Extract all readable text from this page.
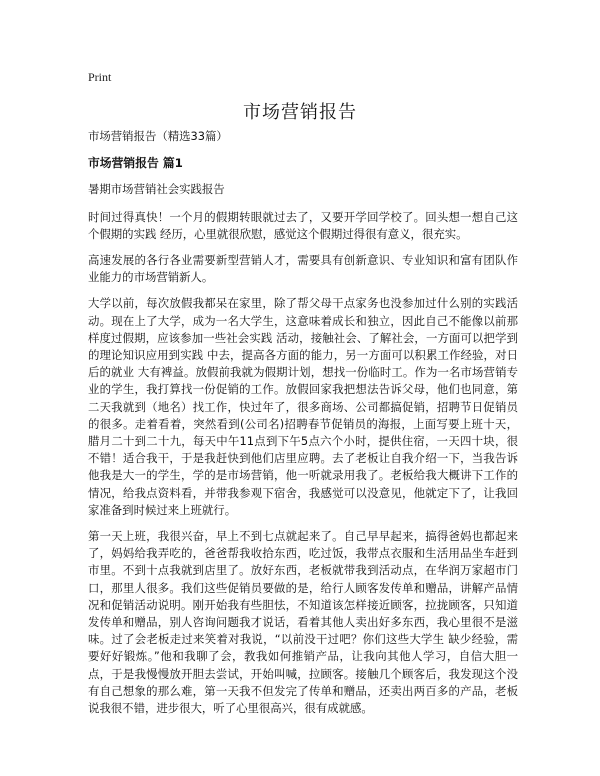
Print
市场营销报告

市场营销报告（精选33篇）

市场营销报告 篇1

暑期市场营销社会实践报告

时间过得真快！一个月的假期转眼就过去了，又要开学回学校了。回头想一想自己这个假期的实践 经历，心里就很欣慰，感觉这个假期过得很有意义，很充实。

高速发展的各行各业需要新型营销人才，需要具有创新意识、专业知识和富有团队作业能力的市场营销新人。

大学以前，每次放假我都呆在家里，除了帮父母干点家务也没参加过什么别的实践活动。现在上了大学，成为一名大学生，这意味着成长和独立，因此自己不能像以前那样度过假期，应该参加一些社会实践 活动，接触社会、了解社会，一方面可以把学到的理论知识应用到实践 中去，提高各方面的能力，另一方面可以积累工作经验，对日后的就业 大有裨益。放假前我就为假期计划，想找一份临时工。作为一名市场营销专业的学生，我打算找一份促销的工作。放假回家我把想法告诉父母，他们也同意，第二天我就到（地名）找工作，快过年了，很多商场、公司都搞促销，招聘节日促销员的很多。走着看着，突然看到(公司名)招聘春节促销员的海报，上面写要上班十天，腊月二十到二十九，每天中午11点到下午5点六个小时，提供住宿，一天四十块，很不错！适合我干，于是我赶快到他们店里应聘。去了老板让自我介绍一下，当我告诉他我是大一的学生，学的是市场营销，他一听就录用我了。老板给我大概讲下工作的情况，给我点资料看，并带我参观下宿舍，我感觉可以没意见，他就定下了，让我回家准备到时候过来上班就行。

第一天上班，我很兴奋，早上不到七点就起来了。自己早早起来，搞得爸妈也都起来了，妈妈给我弄吃的，爸爸帮我收拾东西，吃过饭，我带点衣服和生活用品坐车赶到市里。不到十点我就到店里了。放好东西，老板就带我到活动点，在华润万家超市门口，那里人很多。我们这些促销员要做的是，给行人顾客发传单和赠品，讲解产品情况和促销活动说明。刚开始我有些胆怯，不知道该怎样接近顾客，拉拢顾客，只知道发传单和赠品，别人咨询问题我才说话，看着其他人卖出好多东西，我心里很不是滋味。过了会老板走过来笑着对我说，“以前没干过吧？你们这些大学生 缺少经验，需要好好锻炼。”他和我聊了会，教我如何推销产品，让我向其他人学习，自信大胆一点，于是我慢慢放开胆去尝试，开始叫喊，拉顾客。接触几个顾客后，我发现这个没有自己想象的那么难，第一天我不但发完了传单和赠品，还卖出两百多的产品，老板说我很不错，进步很大，听了心里很高兴，很有成就感。
